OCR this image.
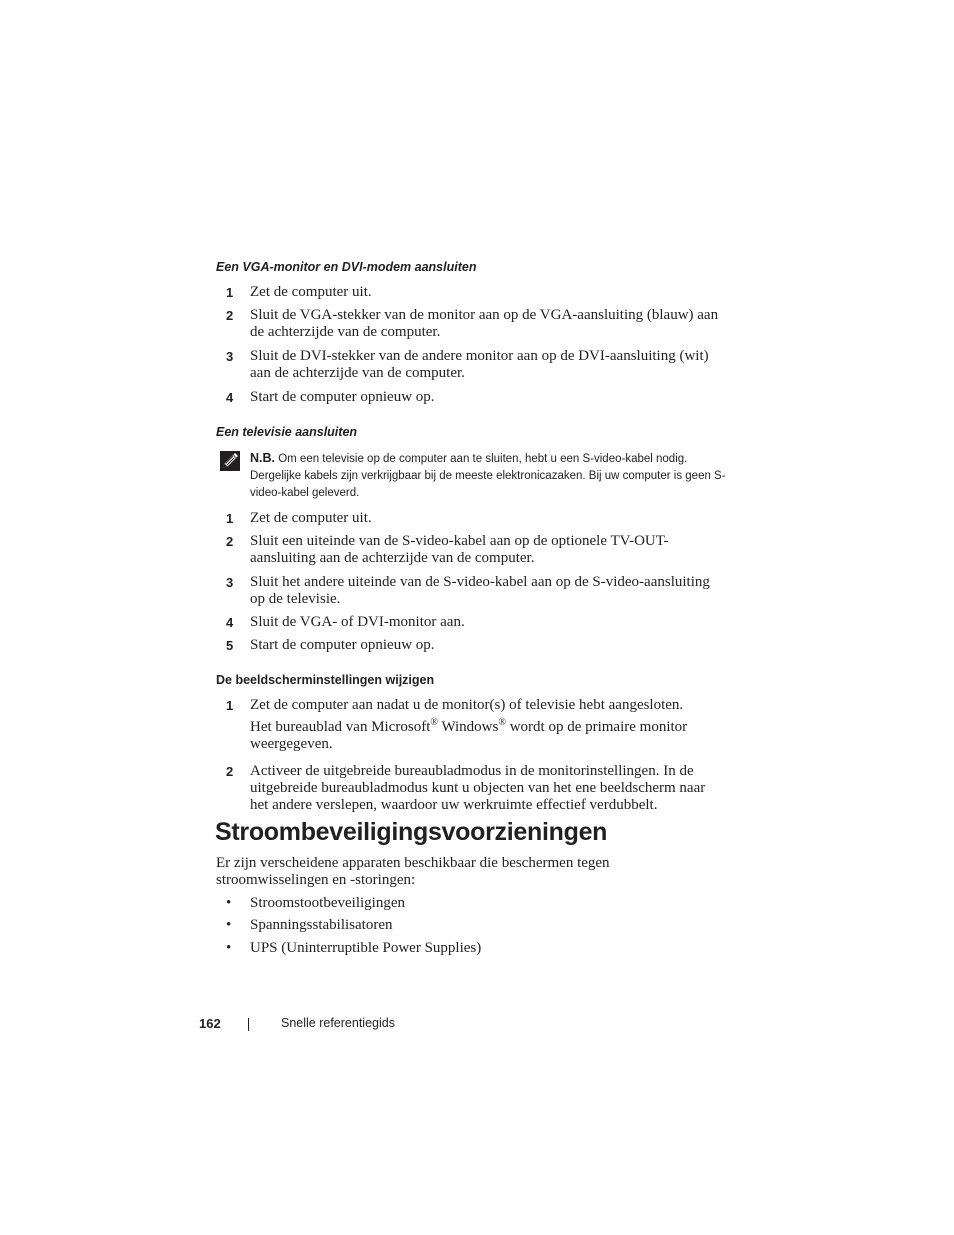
Een VGA-monitor en DVI-modem aansluiten
1 Zet de computer uit.
2 Sluit de VGA-stekker van de monitor aan op de VGA-aansluiting (blauw) aan de achterzijde van de computer.
3 Sluit de DVI-stekker van de andere monitor aan op de DVI-aansluiting (wit) aan de achterzijde van de computer.
4 Start de computer opnieuw op.
Een televisie aansluiten
N.B. Om een televisie op de computer aan te sluiten, hebt u een S-video-kabel nodig. Dergelijke kabels zijn verkrijgbaar bij de meeste elektronicazaken. Bij uw computer is geen S-video-kabel geleverd.
1 Zet de computer uit.
2 Sluit een uiteinde van de S-video-kabel aan op de optionele TV-OUT-aansluiting aan de achterzijde van de computer.
3 Sluit het andere uiteinde van de S-video-kabel aan op de S-video-aansluiting op de televisie.
4 Sluit de VGA- of DVI-monitor aan.
5 Start de computer opnieuw op.
De beeldscherminstellingen wijzigen
1 Zet de computer aan nadat u de monitor(s) of televisie hebt aangesloten.
Het bureaublad van Microsoft® Windows® wordt op de primaire monitor weergegeven.
2 Activeer de uitgebreide bureaubladmodus in de monitorinstellingen. In de uitgebreide bureaubladmodus kunt u objecten van het ene beeldscherm naar het andere verslepen, waardoor uw werkruimte effectief verdubbelt.
Stroombeveiligingsvoorzieningen

Er zijn verscheidene apparaten beschikbaar die beschermen tegen stroomwisselingen en -storingen:

• Stroomstootbeveiligingen
• Spanningsstabilisatoren
• UPS (Uninterruptible Power Supplies)
162	Snelle referentiegids
